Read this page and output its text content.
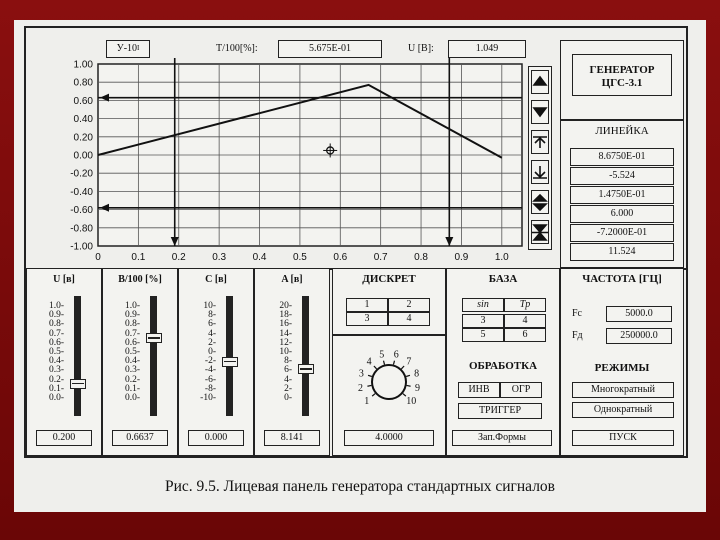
$У-10^I$	T/100[%]:	5.675E-01	U [В]:	1.049
1.00
0.80
0.60
0.40
0.20
0.00
-0.20
-0.40
-0.60
-0.80
-1.00
0	0.1	0.2	0.3	0.4	0.5	0.6	0.7	0.8	0.9	1.0
ГЕНЕРАТОР
ЦГС-3.1
ЛИНЕЙКА
ДИСКРЕТ
1
2
3
4
5 6
7
8
9
10
4.0000
БАЗА
ОБРАБОТКА
ИНВ	ОГР
ТРИГГЕР
Зап.Формы
ЧАСТОТА [ГЦ]
Fc	5000.0
Fд	250000.0
РЕЖИМЫ
Многократный
Однократный
ПУСК
8.6750E-01
-5.524
1.4750E-01
6.000
-7.2000E-01
11.524
U [в]
1.0-
0.9-
0.8-
0.7-
0.6-
0.5-
0.4-
0.3-
0.2-
0.1-
0.0-
0.200
B/100 [%]
1.0-
0.9-
0.8-
0.7-
0.6-
0.5-
0.4-
0.3-
0.2-
0.1-
0.0-
0.6637
C [в]
10-
8-
6-
4-
2-
0-
-2-
-4-
-6-
-8-
-10-
0.000
A [в]
20-
18-
16-
14-
12-
10-
8-
6-
4-
2-
0-
8.141
1	2
3	4
sin	Tp
3	4
5	6
Рис. 9.5. Лицевая панель генератора стандартных сигналов
